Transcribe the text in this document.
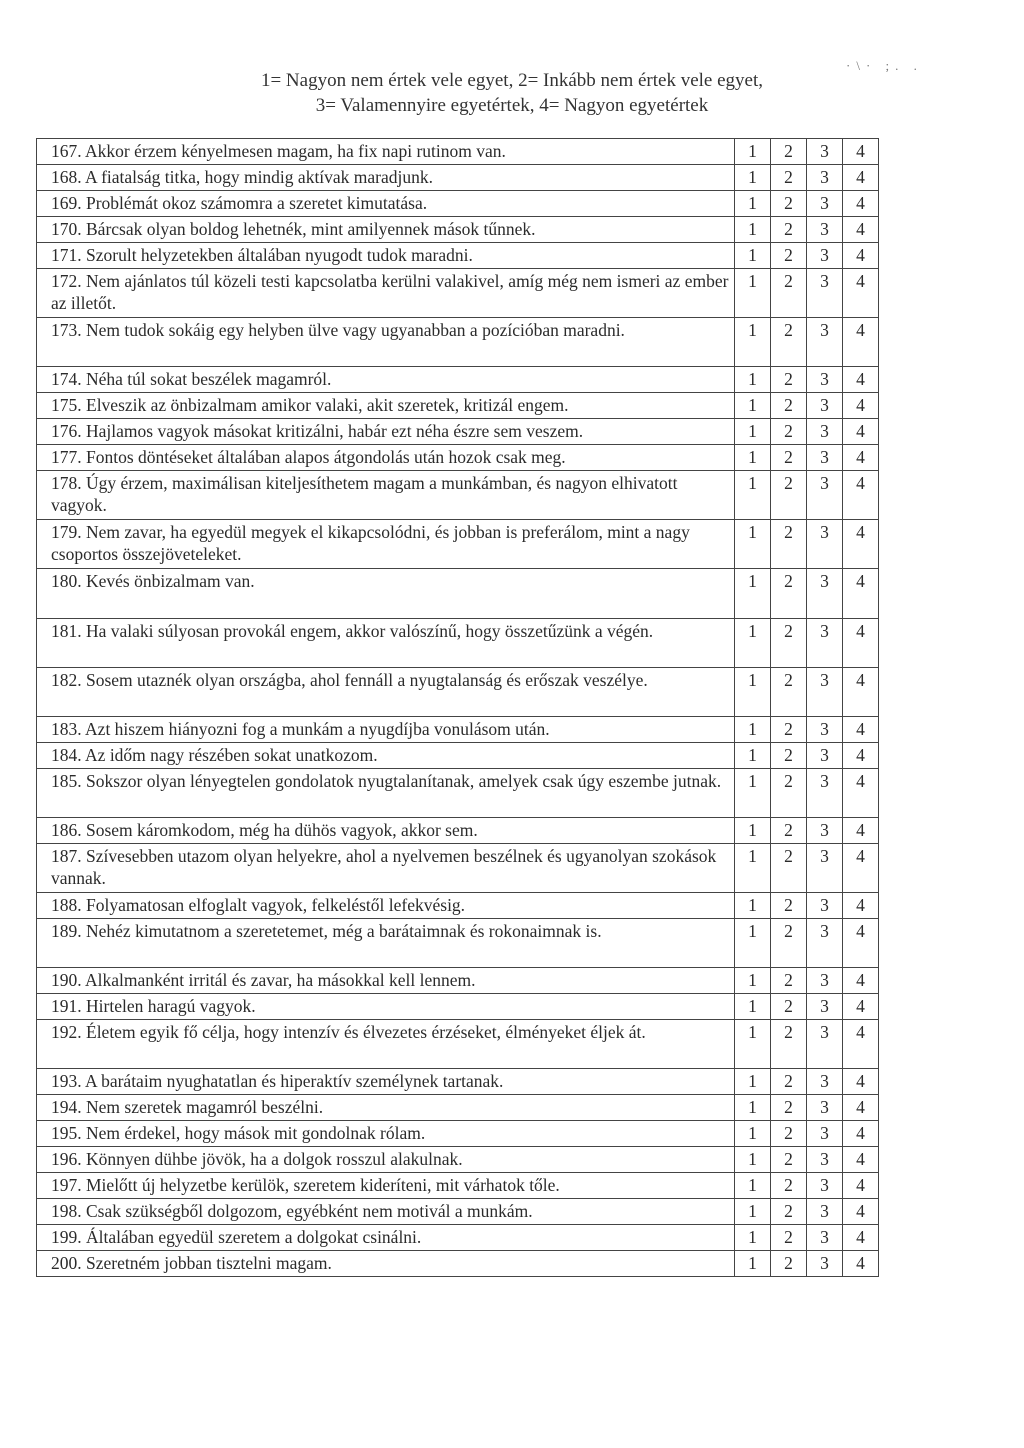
·\· ;. .
1= Nagyon nem értek vele egyet, 2= Inkább nem értek vele egyet,
3= Valamennyire egyetértek, 4= Nagyon egyetértek
167. Akkor érzem kényelmesen magam, ha fix napi rutinom van.	1	2	3	4
168. A fiatalság titka, hogy mindig aktívak maradjunk.	1	2	3	4
169. Problémát okoz számomra a szeretet kimutatása.	1	2	3	4
170. Bárcsak olyan boldog lehetnék, mint amilyennek mások tűnnek.	1	2	3	4
171. Szorult helyzetekben általában nyugodt tudok maradni.	1	2	3	4
172. Nem ajánlatos túl közeli testi kapcsolatba kerülni valakivel, amíg még nem ismeri az ember az illetőt.	1	2	3	4
173. Nem tudok sokáig egy helyben ülve vagy ugyanabban a pozícióban maradni.	1	2	3	4
174. Néha túl sokat beszélek magamról.	1	2	3	4
175. Elveszik az önbizalmam amikor valaki, akit szeretek, kritizál engem.	1	2	3	4
176. Hajlamos vagyok másokat kritizálni, habár ezt néha észre sem veszem.	1	2	3	4
177. Fontos döntéseket általában alapos átgondolás után hozok csak meg.	1	2	3	4
178. Úgy érzem, maximálisan kiteljesíthetem magam a munkámban, és nagyon elhivatott vagyok.	1	2	3	4
179. Nem zavar, ha egyedül megyek el kikapcsolódni, és jobban is preferálom, mint a nagy csoportos összejöveteleket.	1	2	3	4
180. Kevés önbizalmam van.	1	2	3	4
181. Ha valaki súlyosan provokál engem, akkor valószínű, hogy összetűzünk a végén.	1	2	3	4
182. Sosem utaznék olyan országba, ahol fennáll a nyugtalanság és erőszak veszélye.	1	2	3	4
183. Azt hiszem hiányozni fog a munkám a nyugdíjba vonulásom után.	1	2	3	4
184. Az időm nagy részében sokat unatkozom.	1	2	3	4
185. Sokszor olyan lényegtelen gondolatok nyugtalanítanak, amelyek csak úgy eszembe jutnak.	1	2	3	4
186. Sosem káromkodom, még ha dühös vagyok, akkor sem.	1	2	3	4
187. Szívesebben utazom olyan helyekre, ahol a nyelvemen beszélnek és ugyanolyan szokások vannak.	1	2	3	4
188. Folyamatosan elfoglalt vagyok, felkeléstől lefekvésig.	1	2	3	4
189. Nehéz kimutatnom a szeretetemet, még a barátaimnak és rokonaimnak is.	1	2	3	4
190. Alkalmanként irritál és zavar, ha másokkal kell lennem.	1	2	3	4
191. Hirtelen haragú vagyok.	1	2	3	4
192. Életem egyik fő célja, hogy intenzív és élvezetes érzéseket, élményeket éljek át.	1	2	3	4
193. A barátaim nyughatatlan és hiperaktív személynek tartanak.	1	2	3	4
194. Nem szeretek magamról beszélni.	1	2	3	4
195. Nem érdekel, hogy mások mit gondolnak rólam.	1	2	3	4
196. Könnyen dühbe jövök, ha a dolgok rosszul alakulnak.	1	2	3	4
197. Mielőtt új helyzetbe kerülök, szeretem kideríteni, mit várhatok tőle.	1	2	3	4
198. Csak szükségből dolgozom, egyébként nem motivál a munkám.	1	2	3	4
199. Általában egyedül szeretem a dolgokat csinálni.	1	2	3	4
200. Szeretném jobban tisztelni magam.	1	2	3	4
